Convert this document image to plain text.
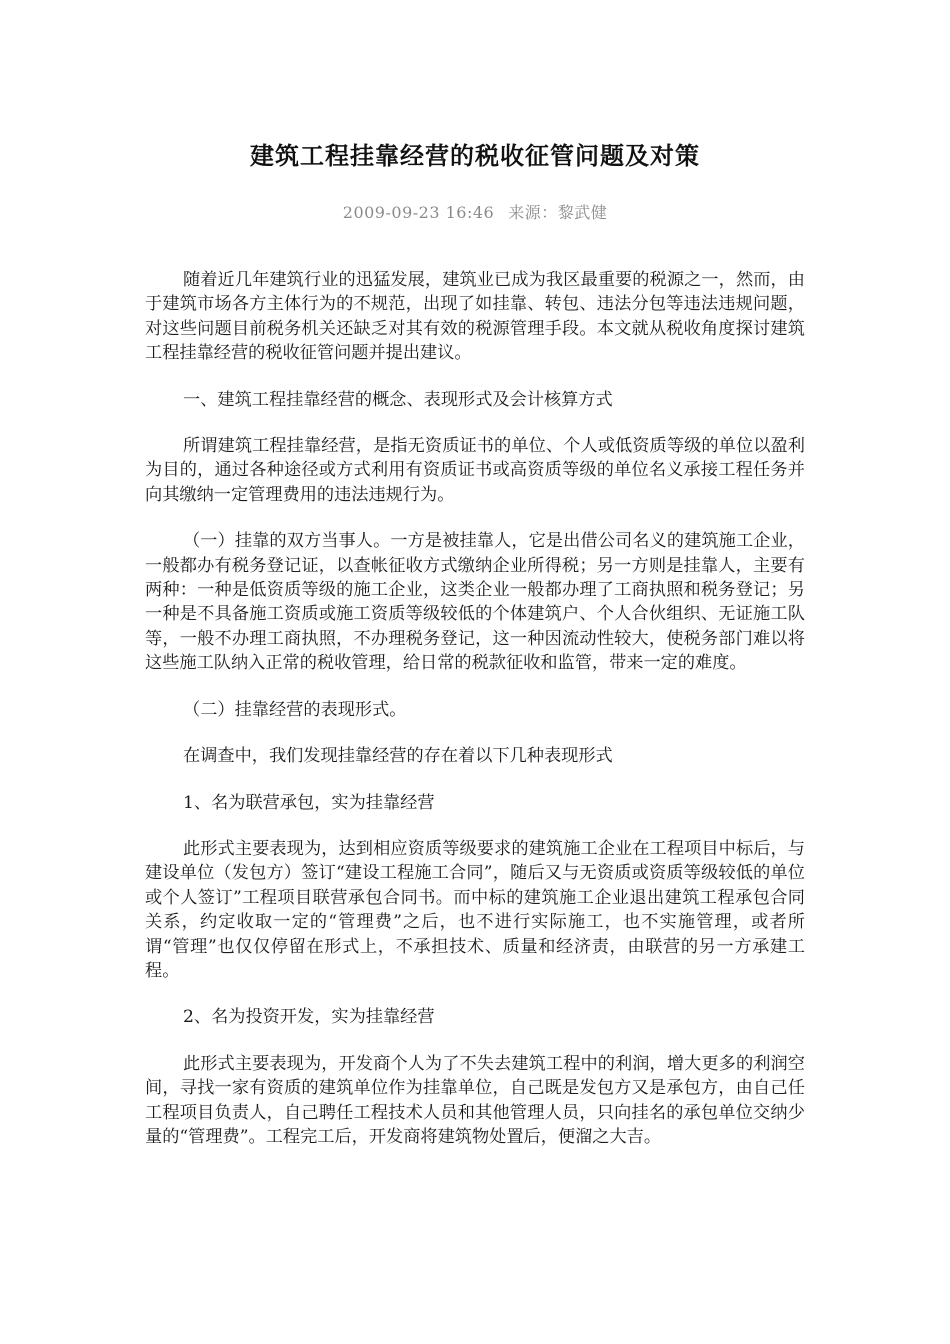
建筑工程挂靠经营的税收征管问题及对策
2009-09-23 16:46 来源：黎武健

随着近几年建筑行业的迅猛发展，建筑业已成为我区最重要的税源之一，然而，由于建筑市场各方主体行为的不规范，出现了如挂靠、转包、违法分包等违法违规问题，对这些问题目前税务机关还缺乏对其有效的税源管理手段。本文就从税收角度探讨建筑工程挂靠经营的税收征管问题并提出建议。

一、建筑工程挂靠经营的概念、表现形式及会计核算方式

所谓建筑工程挂靠经营，是指无资质证书的单位、个人或低资质等级的单位以盈利为目的，通过各种途径或方式利用有资质证书或高资质等级的单位名义承接工程任务并向其缴纳一定管理费用的违法违规行为。

（一）挂靠的双方当事人。一方是被挂靠人，它是出借公司名义的建筑施工企业，一般都办有税务登记证，以查帐征收方式缴纳企业所得税；另一方则是挂靠人，主要有两种：一种是低资质等级的施工企业，这类企业一般都办理了工商执照和税务登记；另一种是不具备施工资质或施工资质等级较低的个体建筑户、个人合伙组织、无证施工队等，一般不办理工商执照，不办理税务登记，这一种因流动性较大，使税务部门难以将这些施工队纳入正常的税收管理，给日常的税款征收和监管，带来一定的难度。

（二）挂靠经营的表现形式。

在调查中，我们发现挂靠经营的存在着以下几种表现形式

1、名为联营承包，实为挂靠经营

此形式主要表现为，达到相应资质等级要求的建筑施工企业在工程项目中标后，与建设单位（发包方）签订“建设工程施工合同”，随后又与无资质或资质等级较低的单位或个人签订”工程项目联营承包合同书。而中标的建筑施工企业退出建筑工程承包合同关系，约定收取一定的“管理费”之后，也不进行实际施工，也不实施管理，或者所谓“管理”也仅仅停留在形式上，不承担技术、质量和经济责，由联营的另一方承建工程。

2、名为投资开发，实为挂靠经营

此形式主要表现为，开发商个人为了不失去建筑工程中的利润，增大更多的利润空间，寻找一家有资质的建筑单位作为挂靠单位，自己既是发包方又是承包方，由自己任工程项目负责人，自己聘任工程技术人员和其他管理人员，只向挂名的承包单位交纳少量的“管理费”。工程完工后，开发商将建筑物处置后，便溜之大吉。
